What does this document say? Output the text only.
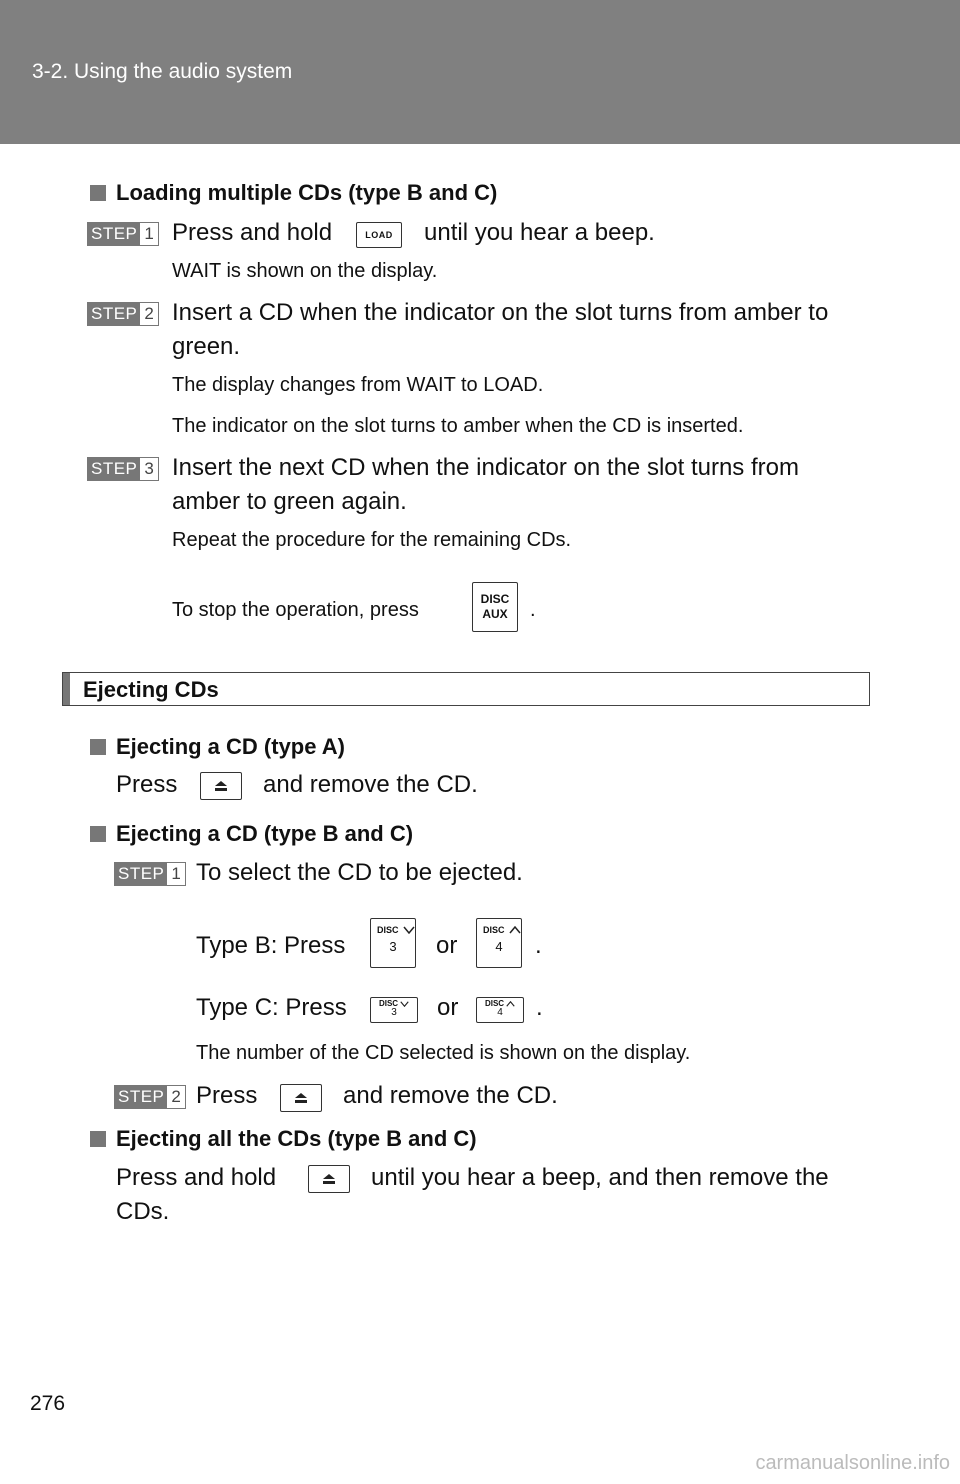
3-2. Using the audio system
Loading multiple CDs (type B and C)
STEP 1 Press and hold	LOAD until you hear a beep.
WAIT is shown on the display.
STEP 2 Insert a CD when the indicator on the slot turns from amber to
green.
The display changes from WAIT to LOAD.
The indicator on the slot turns to amber when the CD is inserted.
STEP 3 Insert the next CD when the indicator on the slot turns from
amber to green again.
Repeat the procedure for the remaining CDs.
To stop the operation, press	DISC
AUX .
Ejecting CDs
Ejecting a CD (type A)
Press	and remove the CD.
Ejecting a CD (type B and C)
STEP 1 To select the CD to be ejected.
Type B: Press
DISC
3 or
DISC
4 .
Type C: Press	DISC
3 or	DISC
4 .
The number of the CD selected is shown on the display.
STEP 2 Press	and remove the CD.
Ejecting all the CDs (type B and C)
Press and hold	until you hear a beep, and then remove the
CDs.
276
carmanualsonline.info
